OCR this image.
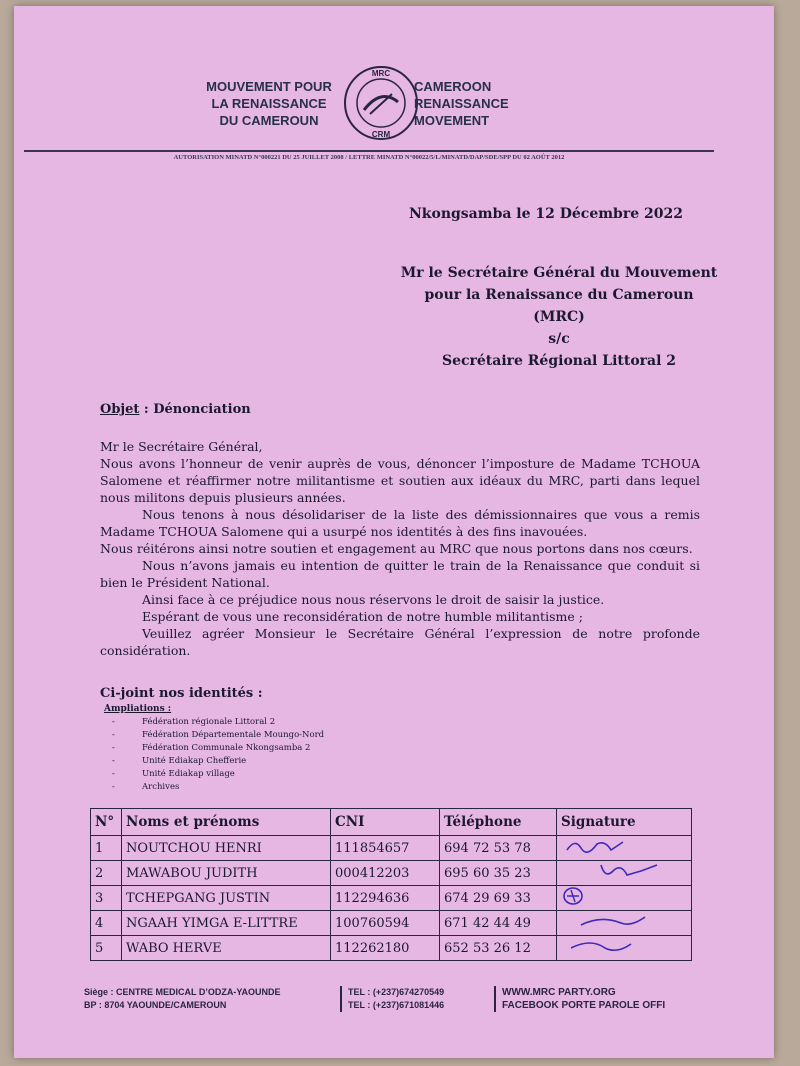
MOUVEMENT POUR
LA RENAISSANCE
DU CAMEROUN
MRC
CRM
CAMEROON
RENAISSANCE
MOVEMENT
AUTORISATION MINATD N°000221 DU 25 JUILLET 2008 / LETTRE MINATD N°00022/5/L/MINATD/DAP/SDE/SPP DU 02 AOÛT 2012
Nkongsamba le 12 Décembre 2022
Mr le Secrétaire Général du Mouvement
pour la Renaissance du Cameroun
(MRC)
s/c
Secrétaire Régional Littoral 2
Objet : Dénonciation

Mr le Secrétaire Général,

Nous avons l’honneur de venir auprès de vous, dénoncer l’imposture de Madame TCHOUA Salomene et réaffirmer notre militantisme et soutien aux idéaux du MRC, parti dans lequel nous militons depuis plusieurs années.

Nous tenons à nous désolidariser de la liste des démissionnaires que vous a remis Madame TCHOUA Salomene qui a usurpé nos identités à des fins inavouées.

Nous réitérons ainsi notre soutien et engagement au MRC que nous portons dans nos cœurs.

Nous n’avons jamais eu intention de quitter le train de la Renaissance que conduit si bien le Président National.

Ainsi face à ce préjudice nous nous réservons le droit de saisir la justice.

Espérant de vous une reconsidération de notre humble militantisme ;

Veuillez agréer Monsieur le Secrétaire Général l’expression de notre profonde considération.

Ci-joint nos identités :
Ampliations :
- Fédération régionale Littoral 2
- Fédération Départementale Moungo-Nord
- Fédération Communale Nkongsamba 2
- Unité Ediakap Chefferie
- Unité Ediakap village
- Archives
N°	Noms et prénoms	CNI	Téléphone	Signature
1	NOUTCHOU HENRI	111854657	694 72 53 78	
2	MAWABOU JUDITH	000412203	695 60 35 23	
3	TCHEPGANG JUSTIN	112294636	674 29 69 33	
4	NGAAH YIMGA E-LITTRE	100760594	671 42 44 49	
5	WABO HERVE	112262180	652 53 26 12	
Siège : CENTRE MEDICAL D’ODZA-YAOUNDE
BP : 8704 YAOUNDE/CAMEROUN
TEL : (+237)674270549
TEL : (+237)671081446
WWW.MRC PARTY.ORG
FACEBOOK PORTE PAROLE OFFI
